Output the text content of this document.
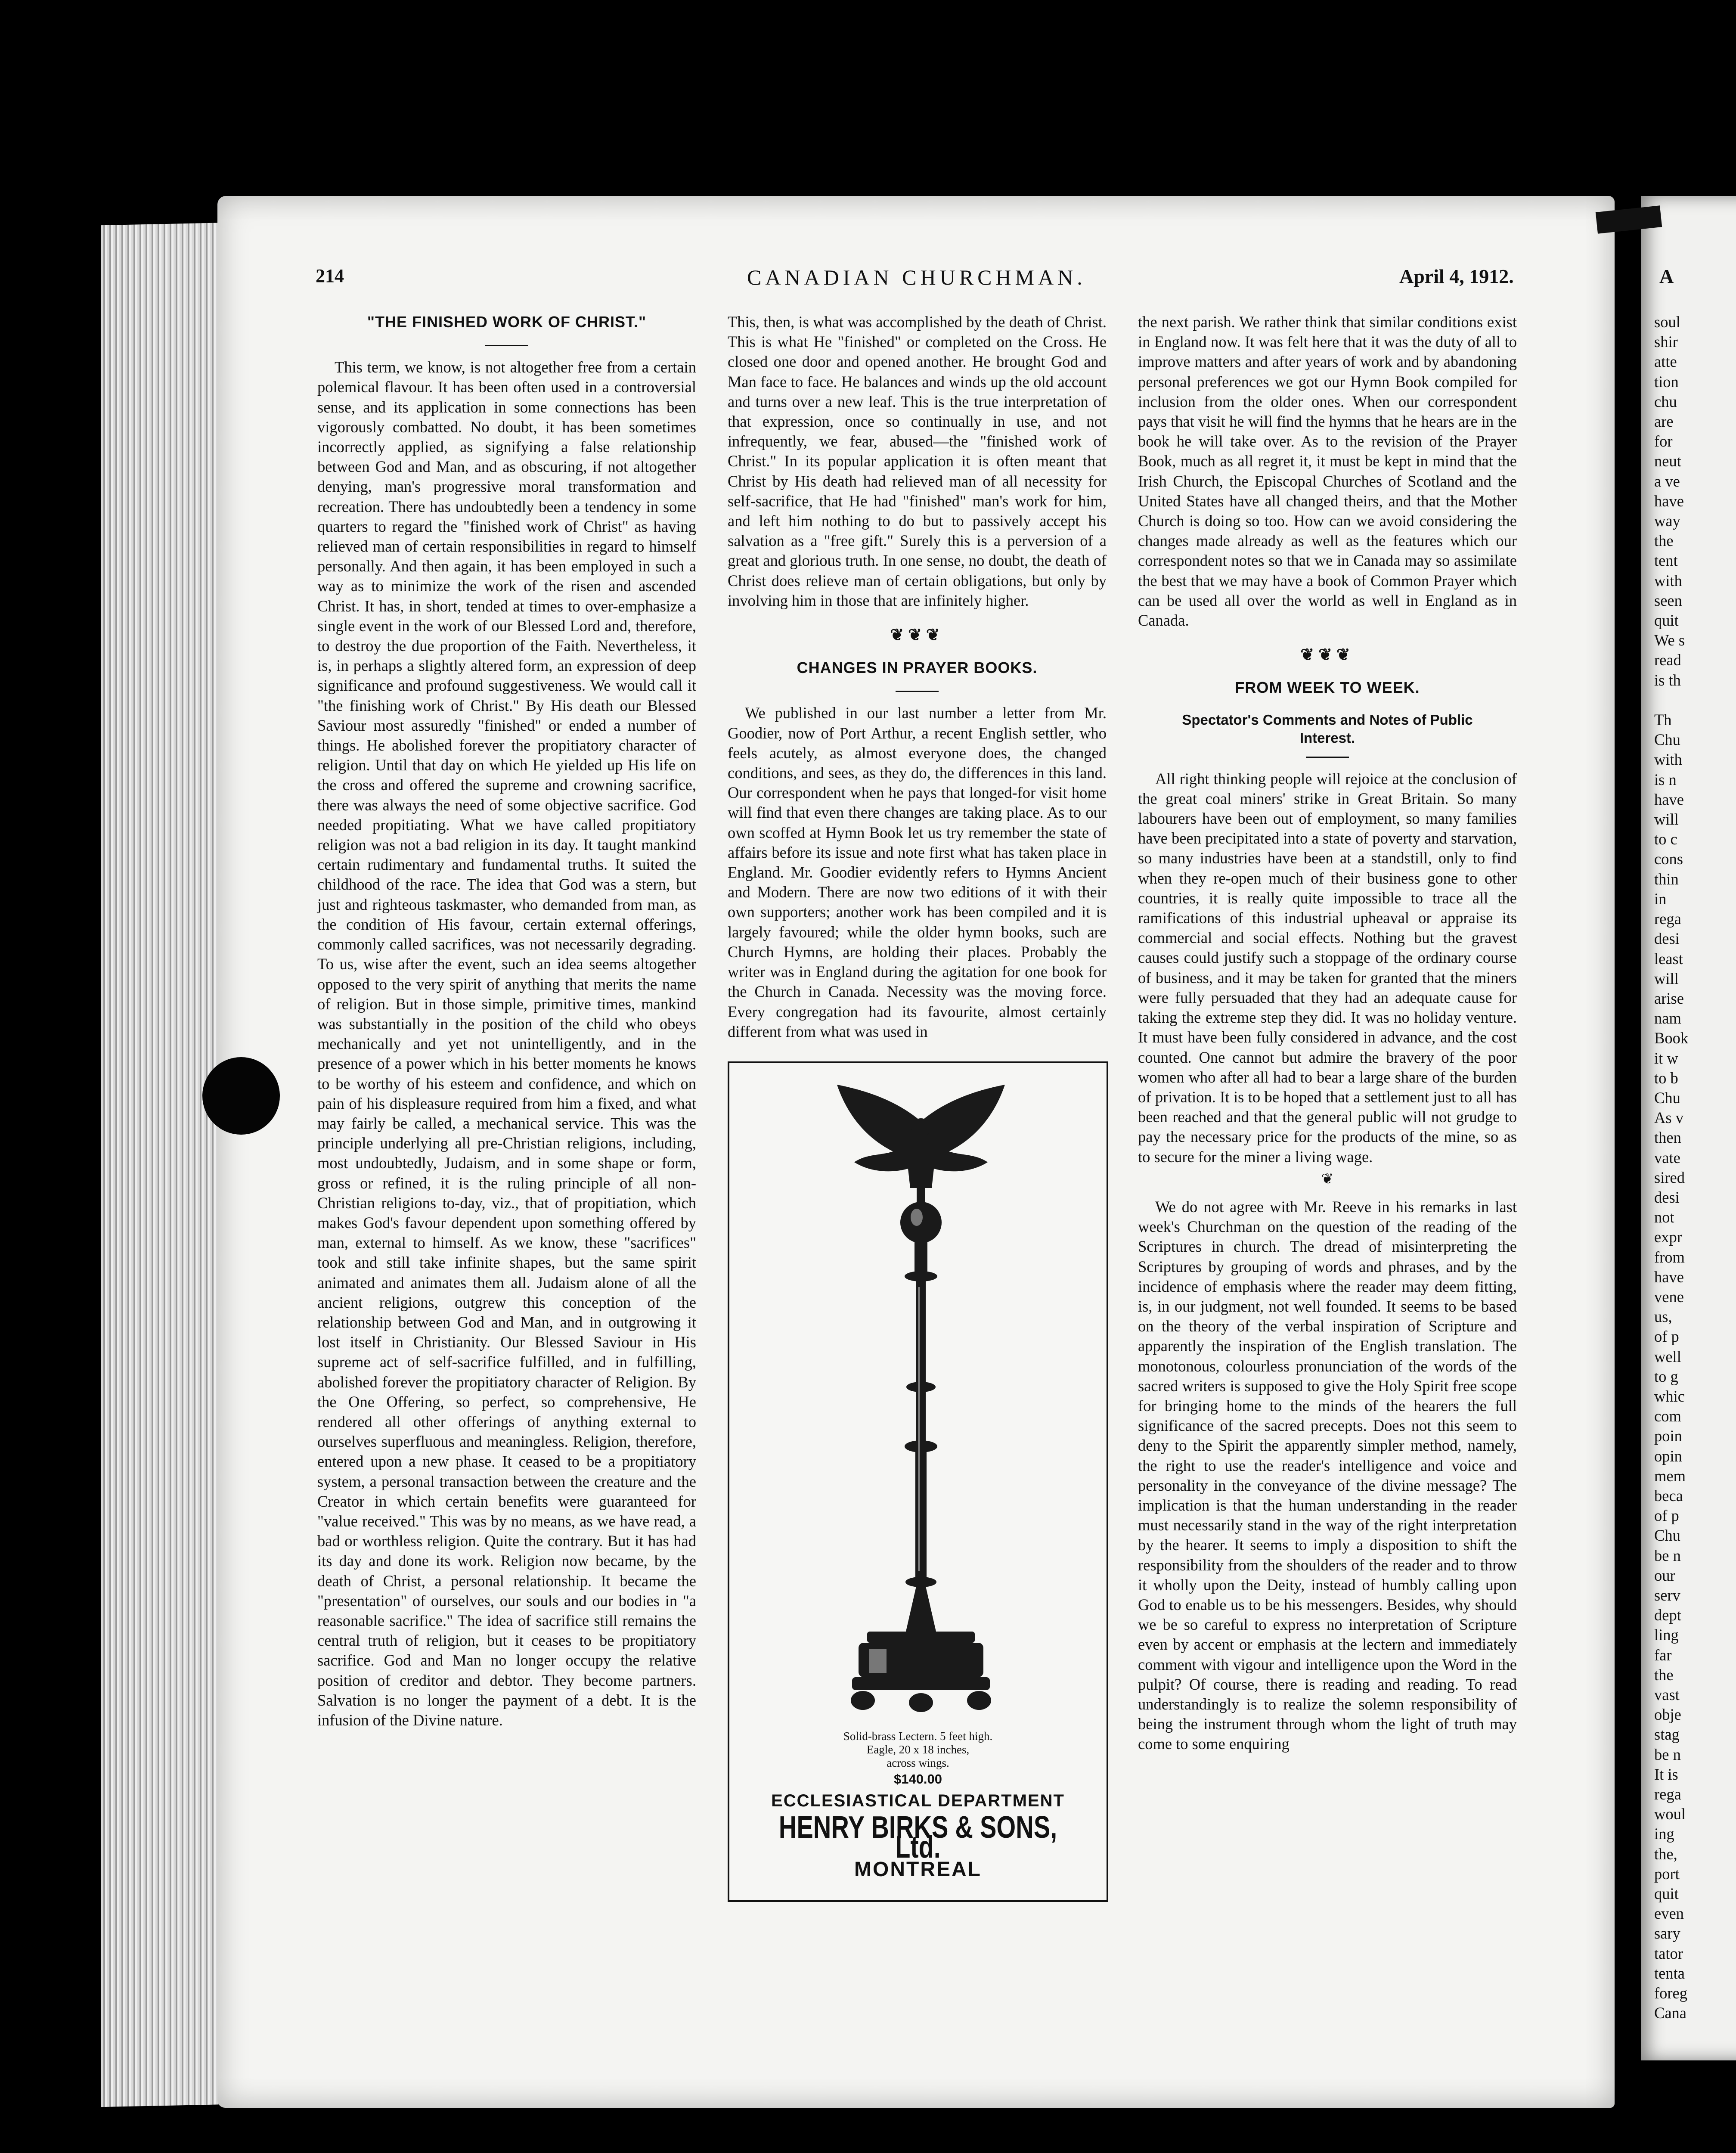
214	CANADIAN CHURCHMAN.	April 4, 1912.
"THE FINISHED WORK OF CHRIST."

This term, we know, is not altogether free from a certain polemical flavour. It has been often used in a controversial sense, and its application in some connections has been vigorously combatted. No doubt, it has been sometimes incorrectly applied, as signifying a false relationship between God and Man, and as obscuring, if not altogether denying, man's progressive moral transformation and recreation. There has undoubtedly been a tendency in some quarters to regard the "finished work of Christ" as having relieved man of certain responsibilities in regard to himself personally. And then again, it has been employed in such a way as to minimize the work of the risen and ascended Christ. It has, in short, tended at times to over-emphasize a single event in the work of our Blessed Lord and, therefore, to destroy the due proportion of the Faith. Nevertheless, it is, in perhaps a slightly altered form, an expression of deep significance and profound suggestiveness. We would call it "the finishing work of Christ." By His death our Blessed Saviour most assuredly "finished" or ended a number of things. He abolished forever the propitiatory character of religion. Until that day on which He yielded up His life on the cross and offered the supreme and crowning sacrifice, there was always the need of some objective sacrifice. God needed propitiating. What we have called propitiatory religion was not a bad religion in its day. It taught mankind certain rudimentary and fundamental truths. It suited the childhood of the race. The idea that God was a stern, but just and righteous taskmaster, who demanded from man, as the condition of His favour, certain external offerings, commonly called sacrifices, was not necessarily degrading. To us, wise after the event, such an idea seems altogether opposed to the very spirit of anything that merits the name of religion. But in those simple, primitive times, mankind was substantially in the position of the child who obeys mechanically and yet not unintelligently, and in the presence of a power which in his better moments he knows to be worthy of his esteem and confidence, and which on pain of his displeasure required from him a fixed, and what may fairly be called, a mechanical service. This was the principle underlying all pre-Christian religions, including, most undoubtedly, Judaism, and in some shape or form, gross or refined, it is the ruling principle of all non-Christian religions to-day, viz., that of propitiation, which makes God's favour dependent upon something offered by man, external to himself. As we know, these "sacrifices" took and still take infinite shapes, but the same spirit animated and animates them all. Judaism alone of all the ancient religions, outgrew this conception of the relationship between God and Man, and in outgrowing it lost itself in Christianity. Our Blessed Saviour in His supreme act of self-sacrifice fulfilled, and in fulfilling, abolished forever the propitiatory character of Religion. By the One Offering, so perfect, so comprehensive, He rendered all other offerings of anything external to ourselves superfluous and meaningless. Religion, therefore, entered upon a new phase. It ceased to be a propitiatory system, a personal transaction between the creature and the Creator in which certain benefits were guaranteed for "value received." This was by no means, as we have read, a bad or worthless religion. Quite the contrary. But it has had its day and done its work. Religion now became, by the death of Christ, a personal relationship. It became the "presentation" of ourselves, our souls and our bodies in "a reasonable sacrifice." The idea of sacrifice still remains the central truth of religion, but it ceases to be propitiatory sacrifice. God and Man no longer occupy the relative position of creditor and debtor. They become partners. Salvation is no longer the payment of a debt. It is the infusion of the Divine nature.

This, then, is what was accomplished by the death of Christ. This is what He "finished" or completed on the Cross. He closed one door and opened another. He brought God and Man face to face. He balances and winds up the old account and turns over a new leaf. This is the true interpretation of that expression, once so continually in use, and not infrequently, we fear, abused—the "finished work of Christ." In its popular application it is often meant that Christ by His death had relieved man of all necessity for self-sacrifice, that He had "finished" man's work for him, and left him nothing to do but to passively accept his salvation as a "free gift." Surely this is a perversion of a great and glorious truth. In one sense, no doubt, the death of Christ does relieve man of certain obligations, but only by involving him in those that are infinitely higher.

❦❦❦
CHANGES IN PRAYER BOOKS.

We published in our last number a letter from Mr. Goodier, now of Port Arthur, a recent English settler, who feels acutely, as almost everyone does, the changed conditions, and sees, as they do, the differences in this land. Our correspondent when he pays that longed-for visit home will find that even there changes are taking place. As to our own scoffed at Hymn Book let us try remember the state of affairs before its issue and note first what has taken place in England. Mr. Goodier evidently refers to Hymns Ancient and Modern. There are now two editions of it with their own supporters; another work has been compiled and it is largely favoured; while the older hymn books, such are Church Hymns, are holding their places. Probably the writer was in England during the agitation for one book for the Church in Canada. Necessity was the moving force. Every congregation had its favourite, almost certainly different from what was used in

Solid-brass Lectern. 5 feet high.
Eagle, 20 x 18 inches,
across wings.
$140.00
ECCLESIASTICAL DEPARTMENT
HENRY BIRKS & SONS, Ltd.
MONTREAL

the next parish. We rather think that similar conditions exist in England now. It was felt here that it was the duty of all to improve matters and after years of work and by abandoning personal preferences we got our Hymn Book compiled for inclusion from the older ones. When our correspondent pays that visit he will find the hymns that he hears are in the book he will take over. As to the revision of the Prayer Book, much as all regret it, it must be kept in mind that the Irish Church, the Episcopal Churches of Scotland and the United States have all changed theirs, and that the Mother Church is doing so too. How can we avoid considering the changes made already as well as the features which our correspondent notes so that we in Canada may so assimilate the best that we may have a book of Common Prayer which can be used all over the world as well in England as in Canada.

❦❦❦
FROM WEEK TO WEEK.
Spectator's Comments and Notes of Public Interest.

All right thinking people will rejoice at the conclusion of the great coal miners' strike in Great Britain. So many labourers have been out of employment, so many families have been precipitated into a state of poverty and starvation, so many industries have been at a standstill, only to find when they re-open much of their business gone to other countries, it is really quite impossible to trace all the ramifications of this industrial upheaval or appraise its commercial and social effects. Nothing but the gravest causes could justify such a stoppage of the ordinary course of business, and it may be taken for granted that the miners were fully persuaded that they had an adequate cause for taking the extreme step they did. It was no holiday venture. It must have been fully considered in advance, and the cost counted. One cannot but admire the bravery of the poor women who after all had to bear a large share of the burden of privation. It is to be hoped that a settlement just to all has been reached and that the general public will not grudge to pay the necessary price for the products of the mine, so as to secure for the miner a living wage.

❦

We do not agree with Mr. Reeve in his remarks in last week's Churchman on the question of the reading of the Scriptures in church. The dread of misinterpreting the Scriptures by grouping of words and phrases, and by the incidence of emphasis where the reader may deem fitting, is, in our judgment, not well founded. It seems to be based on the theory of the verbal inspiration of Scripture and apparently the inspiration of the English translation. The monotonous, colourless pronunciation of the words of the sacred writers is supposed to give the Holy Spirit free scope for bringing home to the minds of the hearers the full significance of the sacred precepts. Does not this seem to deny to the Spirit the apparently simpler method, namely, the right to use the reader's intelligence and voice and personality in the conveyance of the divine message? The implication is that the human understanding in the reader must necessarily stand in the way of the right interpretation by the hearer. It seems to imply a disposition to shift the responsibility from the shoulders of the reader and to throw it wholly upon the Deity, instead of humbly calling upon God to enable us to be his messengers. Besides, why should we be so careful to express no interpretation of Scripture even by accent or emphasis at the lectern and immediately comment with vigour and intelligence upon the Word in the pulpit? Of course, there is reading and reading. To read understandingly is to realize the solemn responsibility of being the instrument through whom the light of truth may come to some enquiring

A
soul
shir
atte
tion
chu
are
for
neut
a ve
have
way
the
tent
with
seen
quit
We s
read
is th

Th
Chu
with
is n
have
will
to c
cons
thin
in
rega
desi
least
will
arise
nam
Book
it w
to b
Chu
As v
then
vate
sired
desi
not
expr
from
have
vene
us,
of p
well
to g
whic
com
poin
opin
mem
beca
of p
Chu
be n
our
serv
dept
ling
far
the
vast
obje
stag
be n
It is
rega
woul
ing
the,
port
quit
even
sary
tator
tenta
foreg
Cana
